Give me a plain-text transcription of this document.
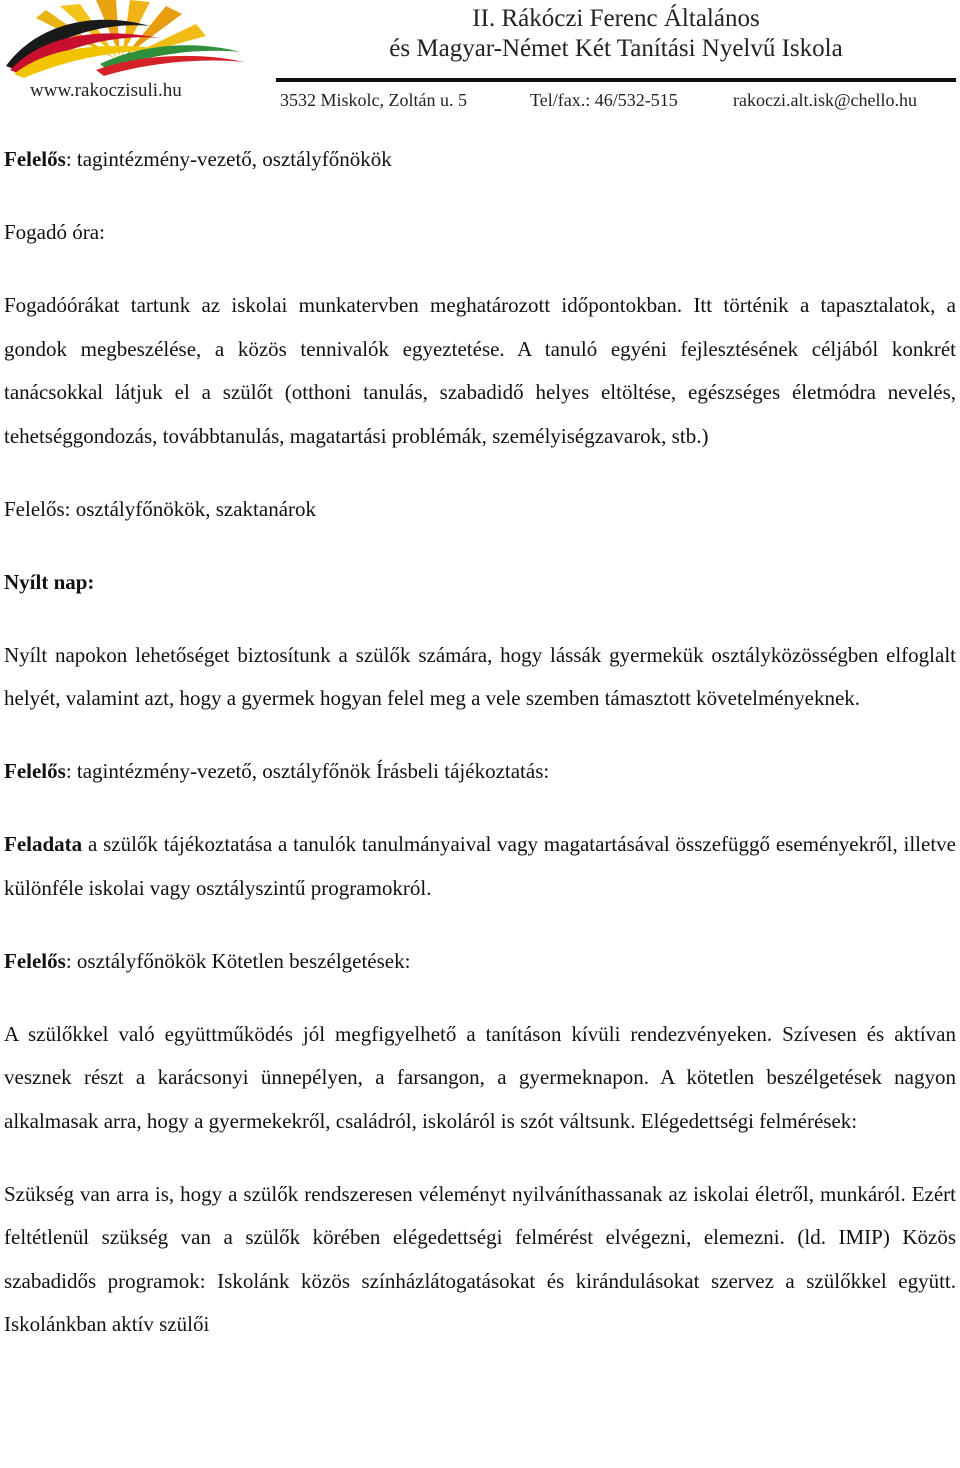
www.rakoczisuli.hu
II. Rákóczi Ferenc Általános
és Magyar-Német Két Tanítási Nyelvű Iskola
3532 Miskolc, Zoltán u. 5	Tel/fax.: 46/532-515	rakoczi.alt.isk@chello.hu

Felelős: tagintézmény-vezető, osztályfőnökök

Fogadó óra:

Fogadóórákat tartunk az iskolai munkatervben meghatározott időpontokban. Itt történik a tapasztalatok, a gondok megbeszélése, a közös tennivalók egyeztetése. A tanuló egyéni fejlesztésének céljából konkrét tanácsokkal látjuk el a szülőt (otthoni tanulás, szabadidő helyes eltöltése, egészséges életmódra nevelés, tehetséggondozás, továbbtanulás, magatartási problémák, személyiségzavarok, stb.)

Felelős: osztályfőnökök, szaktanárok

Nyílt nap:

Nyílt napokon lehetőséget biztosítunk a szülők számára, hogy lássák gyermekük osztályközösségben elfoglalt helyét, valamint azt, hogy a gyermek hogyan felel meg a vele szemben támasztott követelményeknek.

Felelős: tagintézmény-vezető, osztályfőnök Írásbeli tájékoztatás:

Feladata a szülők tájékoztatása a tanulók tanulmányaival vagy magatartásával összefüggő eseményekről, illetve különféle iskolai vagy osztályszintű programokról.

Felelős: osztályfőnökök Kötetlen beszélgetések:

A szülőkkel való együttműködés jól megfigyelhető a tanításon kívüli rendezvényeken. Szívesen és aktívan vesznek részt a karácsonyi ünnepélyen, a farsangon, a gyermeknapon. A kötetlen beszélgetések nagyon alkalmasak arra, hogy a gyermekekről, családról, iskoláról is szót váltsunk. Elégedettségi felmérések:

Szükség van arra is, hogy a szülők rendszeresen véleményt nyilváníthassanak az iskolai életről, munkáról. Ezért feltétlenül szükség van a szülők körében elégedettségi felmérést elvégezni, elemezni. (ld. IMIP) Közös szabadidős programok: Iskolánk közös színházlátogatásokat és kirándulásokat szervez a szülőkkel együtt. Iskolánkban aktív szülői
